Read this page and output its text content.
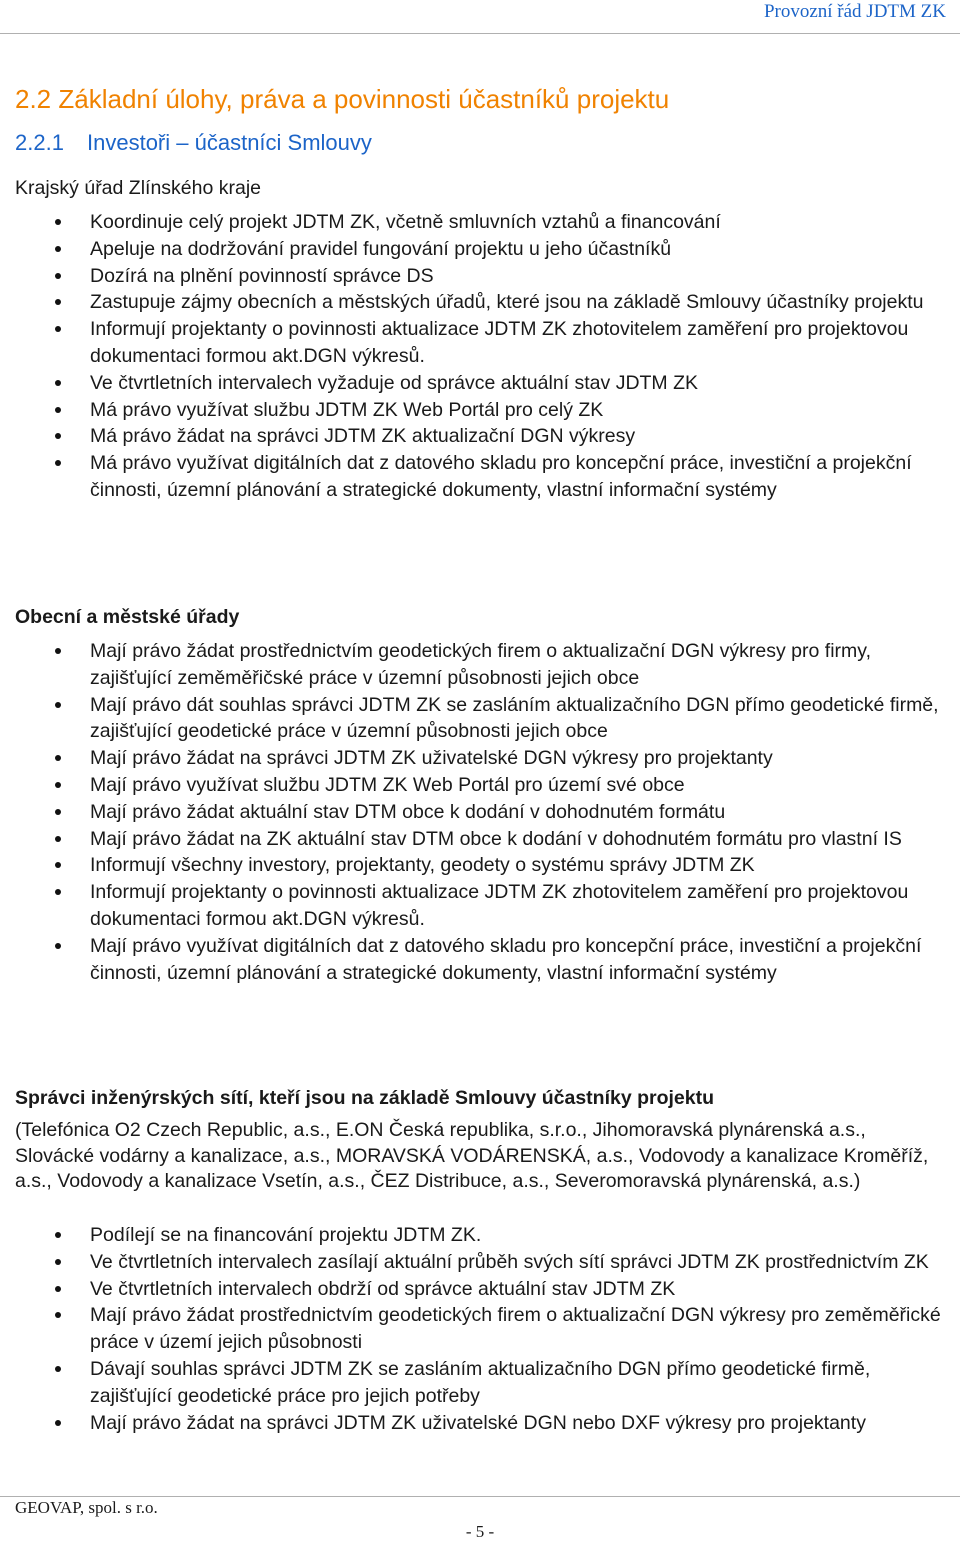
Provozní řád JDTM ZK
2.2 Základní úlohy, práva a povinnosti účastníků projektu
2.2.1 Investoři – účastníci Smlouvy
Krajský úřad Zlínského kraje
Koordinuje celý projekt JDTM ZK, včetně smluvních vztahů a financování
Apeluje na dodržování pravidel fungování projektu u jeho účastníků
Dozírá na plnění povinností správce DS
Zastupuje zájmy obecních a městských úřadů, které jsou na základě Smlouvy účastníky projektu
Informují projektanty o povinnosti aktualizace JDTM ZK zhotovitelem zaměření pro projektovou dokumentaci formou akt.DGN výkresů.
Ve čtvrtletních intervalech vyžaduje od správce aktuální stav JDTM ZK
Má právo využívat službu JDTM ZK Web Portál pro celý ZK
Má právo žádat na správci JDTM ZK aktualizační DGN výkresy
Má právo využívat digitálních dat z datového skladu pro koncepční práce, investiční a projekční činnosti, územní plánování a strategické dokumenty, vlastní informační systémy
Obecní a městské úřady
Mají právo žádat prostřednictvím geodetických firem o aktualizační DGN výkresy pro firmy, zajišťující zeměměřičské práce v územní působnosti jejich obce
Mají právo dát souhlas správci JDTM ZK se zasláním aktualizačního DGN přímo geodetické firmě, zajišťující geodetické práce v územní působnosti jejich obce
Mají právo žádat na správci JDTM ZK uživatelské DGN výkresy pro projektanty
Mají právo využívat službu JDTM ZK Web Portál pro území své obce
Mají právo žádat aktuální stav DTM obce k dodání v dohodnutém formátu
Mají právo žádat na ZK aktuální stav DTM obce k dodání v dohodnutém formátu pro vlastní IS
Informují všechny investory, projektanty, geodety o systému správy JDTM ZK
Informují projektanty o povinnosti aktualizace JDTM ZK zhotovitelem zaměření pro projektovou dokumentaci formou akt.DGN výkresů.
Mají právo využívat digitálních dat z datového skladu pro koncepční práce, investiční a projekční činnosti, územní plánování a strategické dokumenty, vlastní informační systémy
Správci inženýrských sítí, kteří jsou na základě Smlouvy účastníky projektu
(Telefónica O2 Czech Republic, a.s., E.ON Česká republika, s.r.o., Jihomoravská plynárenská a.s., Slovácké vodárny a kanalizace, a.s., MORAVSKÁ VODÁRENSKÁ, a.s., Vodovody a kanalizace Kroměříž, a.s., Vodovody a kanalizace Vsetín, a.s., ČEZ Distribuce, a.s., Severomoravská plynárenská, a.s.)
Podílejí se na financování projektu JDTM ZK.
Ve čtvrtletních intervalech zasílají aktuální průběh svých sítí správci JDTM ZK prostřednictvím ZK
Ve čtvrtletních intervalech obdrží od správce aktuální stav JDTM ZK
Mají právo žádat prostřednictvím geodetických firem o aktualizační DGN výkresy pro zeměměřické práce v území jejich působnosti
Dávají souhlas správci JDTM ZK se zasláním aktualizačního DGN přímo geodetické firmě, zajišťující geodetické práce pro jejich potřeby
Mají právo žádat na správci JDTM ZK uživatelské DGN nebo DXF výkresy pro projektanty
GEOVAP, spol. s r.o.
- 5 -
